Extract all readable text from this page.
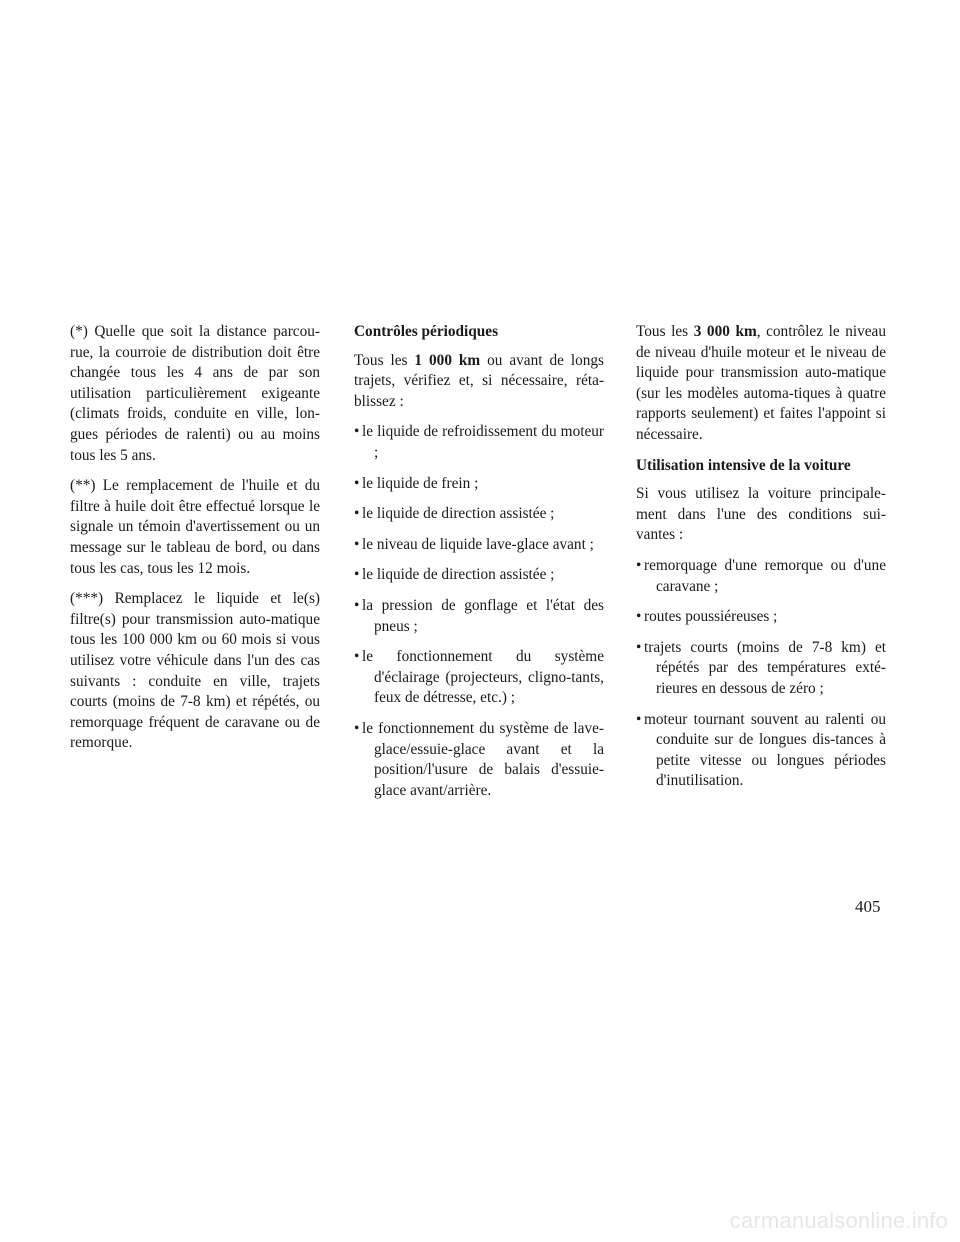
(*) Quelle que soit la distance parcou-rue, la courroie de distribution doit être changée tous les 4 ans de par son utilisation particulièrement exigeante (climats froids, conduite en ville, lon-gues périodes de ralenti) ou au moins tous les 5 ans.

(**) Le remplacement de l'huile et du filtre à huile doit être effectué lorsque le signale un témoin d'avertissement ou un message sur le tableau de bord, ou dans tous les cas, tous les 12 mois.

(***) Remplacez le liquide et le(s) filtre(s) pour transmission auto-matique tous les 100 000 km ou 60 mois si vous utilisez votre véhicule dans l'un des cas suivants : conduite en ville, trajets courts (moins de 7-8 km) et répétés, ou remorquage fréquent de caravane ou de remorque.

Contrôles périodiques

Tous les 1 000 km ou avant de longs trajets, vérifiez et, si nécessaire, réta-blissez :

• le liquide de refroidissement du moteur ;
• le liquide de frein ;
• le liquide de direction assistée ;
• le niveau de liquide lave-glace avant ;
• le liquide de direction assistée ;
• la pression de gonflage et l'état des pneus ;
• le fonctionnement du système d'éclairage (projecteurs, cligno-tants, feux de détresse, etc.) ;
• le fonctionnement du système de lave-glace/essuie-glace avant et la position/l'usure de balais d'essuie-glace avant/arrière.

Tous les 3 000 km, contrôlez le niveau de niveau d'huile moteur et le niveau de liquide pour transmission auto-matique (sur les modèles automa-tiques à quatre rapports seulement) et faites l'appoint si nécessaire.

Utilisation intensive de la voiture

Si vous utilisez la voiture principale-ment dans l'une des conditions sui-vantes :

• remorquage d'une remorque ou d'une caravane ;
• routes poussiéreuses ;
• trajets courts (moins de 7-8 km) et répétés par des températures exté-rieures en dessous de zéro ;
• moteur tournant souvent au ralenti ou conduite sur de longues dis-tances à petite vitesse ou longues périodes d'inutilisation.
405
carmanualsonline.info
